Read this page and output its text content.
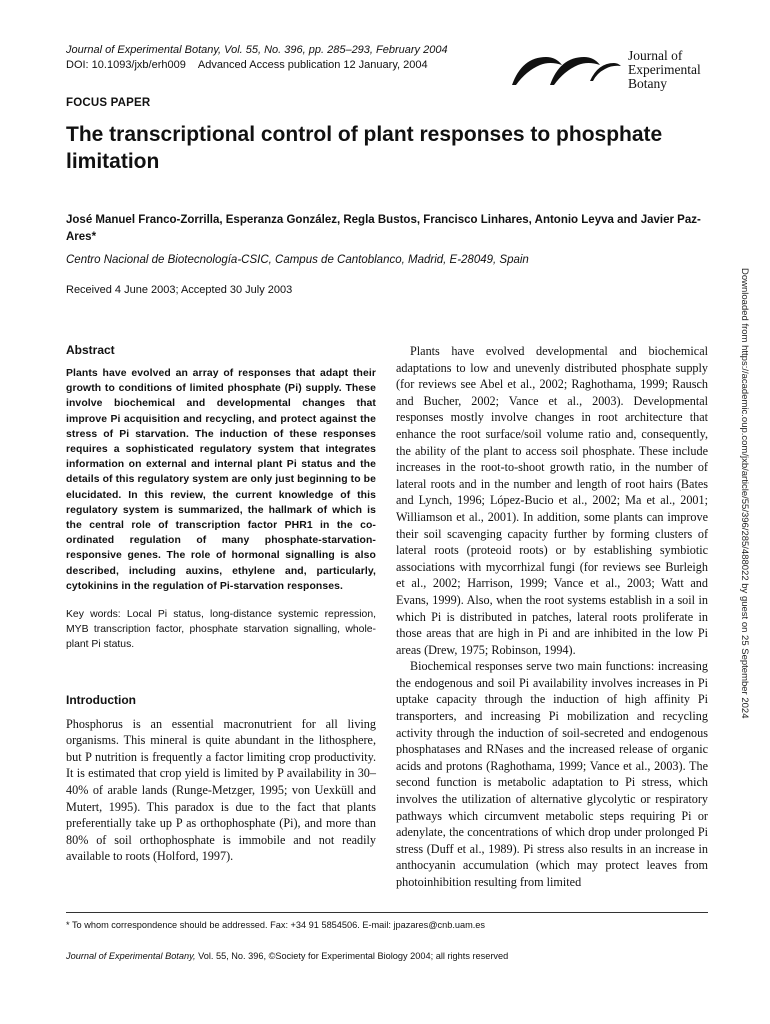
Journal of Experimental Botany, Vol. 55, No. 396, pp. 285–293, February 2004
DOI: 10.1093/jxb/erh009 Advanced Access publication 12 January, 2004
Journal of
Experimental
Botany
FOCUS PAPER
The transcriptional control of plant responses to phosphate limitation
José Manuel Franco-Zorrilla, Esperanza González, Regla Bustos, Francisco Linhares, Antonio Leyva and Javier Paz-Ares*
Centro Nacional de Biotecnología-CSIC, Campus de Cantoblanco, Madrid, E-28049, Spain
Received 4 June 2003; Accepted 30 July 2003
Abstract

Plants have evolved an array of responses that adapt their growth to conditions of limited phosphate (Pi) supply. These involve biochemical and developmental changes that improve Pi acquisition and recycling, and protect against the stress of Pi starvation. The induction of these responses requires a sophisticated regulatory system that integrates information on external and internal plant Pi status and the details of this regulatory system are only just beginning to be elucidated. In this review, the current knowledge of this regulatory system is summarized, the hallmark of which is the central role of transcription factor PHR1 in the co-ordinated regulation of many phosphate-starvation-responsive genes. The role of hormonal signalling is also described, including auxins, ethylene and, particularly, cytokinins in the regulation of Pi-starvation responses.

Key words: Local Pi status, long-distance systemic repression, MYB transcription factor, phosphate starvation signalling, whole-plant Pi status.

Introduction

Phosphorus is an essential macronutrient for all living organisms. This mineral is quite abundant in the lithosphere, but P nutrition is frequently a factor limiting crop productivity. It is estimated that crop yield is limited by P availability in 30–40% of arable lands (Runge-Metzger, 1995; von Uexküll and Mutert, 1995). This paradox is due to the fact that plants preferentially take up P as orthophosphate (Pi), and more than 80% of soil orthophosphate is immobile and not readily available to roots (Holford, 1997).

Plants have evolved developmental and biochemical adaptations to low and unevenly distributed phosphate supply (for reviews see Abel et al., 2002; Raghothama, 1999; Rausch and Bucher, 2002; Vance et al., 2003). Developmental responses mostly involve changes in root architecture that enhance the root surface/soil volume ratio and, consequently, the ability of the plant to access soil phosphate. These include increases in the root-to-shoot growth ratio, in the number of lateral roots and in the number and length of root hairs (Bates and Lynch, 1996; López-Bucio et al., 2002; Ma et al., 2001; Williamson et al., 2001). In addition, some plants can improve their soil scavenging capacity further by forming clusters of lateral roots (proteoid roots) or by establishing symbiotic associations with mycorrhizal fungi (for reviews see Burleigh et al., 2002; Harrison, 1999; Vance et al., 2003; Watt and Evans, 1999). Also, when the root systems establish in a soil in which Pi is distributed in patches, lateral roots proliferate in those areas that are high in Pi and are inhibited in the low Pi areas (Drew, 1975; Robinson, 1994).

Biochemical responses serve two main functions: increasing the endogenous and soil Pi availability involves increases in Pi uptake capacity through the induction of high affinity Pi transporters, and increasing Pi mobilization and recycling activity through the induction of soil-secreted and endogenous phosphatases and RNases and the increased release of organic acids and protons (Raghothama, 1999; Vance et al., 2003). The second function is metabolic adaptation to Pi stress, which involves the utilization of alternative glycolytic or respiratory pathways which circumvent metabolic steps requiring Pi or adenylate, the concentrations of which drop under prolonged Pi stress (Duff et al., 1989). Pi stress also results in an increase in anthocyanin accumulation (which may protect leaves from photoinhibition resulting from limited

* To whom correspondence should be addressed. Fax: +34 91 5854506. E-mail: jpazares@cnb.uam.es
Journal of Experimental Botany, Vol. 55, No. 396, ©Society for Experimental Biology 2004; all rights reserved
Downloaded from https://academic.oup.com/jxb/article/55/396/285/488022 by guest on 25 September 2024
